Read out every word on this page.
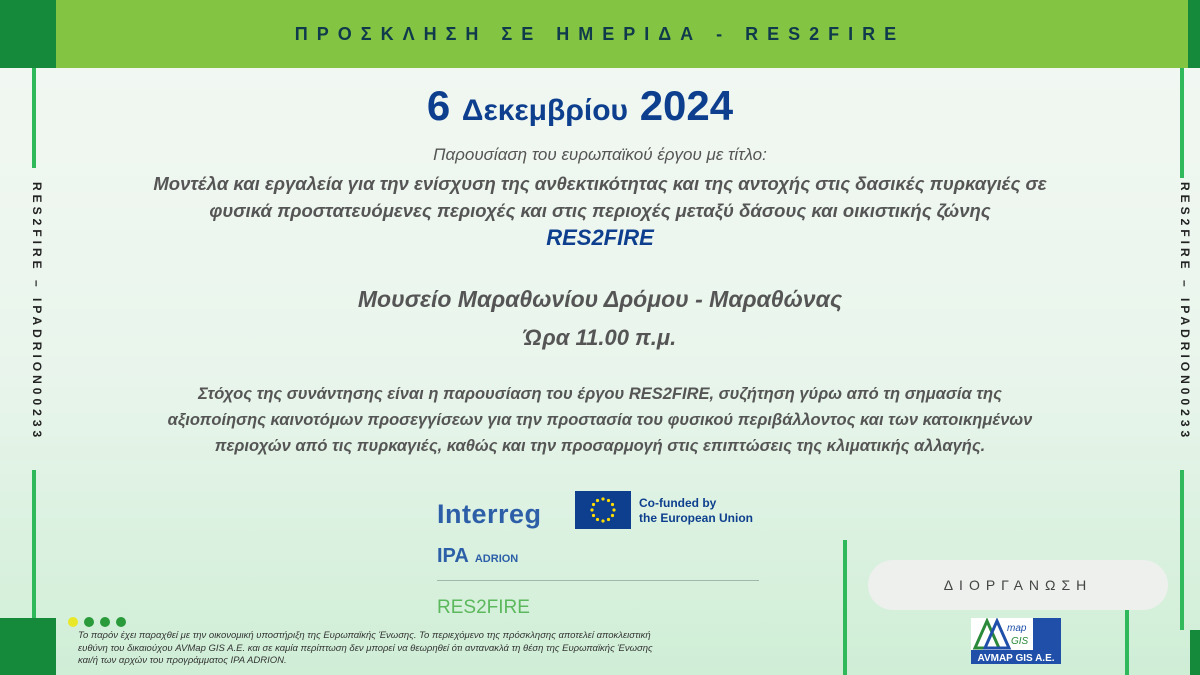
ΠΡΟΣΚΛΗΣΗ ΣΕ ΗΜΕΡΙΔΑ - RES2FIRE
RES2FIRE – IPADRION00233	RES2FIRE – IPADRION00233
6 Δεκεμβρίου 2024
Παρουσίαση του ευρωπαϊκού έργου με τίτλο:
Μοντέλα και εργαλεία για την ενίσχυση της ανθεκτικότητας και της αντοχής στις δασικές πυρκαγιές σε
φυσικά προστατευόμενες περιοχές και στις περιοχές μεταξύ δάσους και οικιστικής ζώνης
RES2FIRE
Μουσείο Μαραθωνίου Δρόμου - Μαραθώνας
Ώρα 11.00 π.μ.
Στόχος της συνάντησης είναι η παρουσίαση του έργου RES2FIRE, συζήτηση γύρω από τη σημασία της
αξιοποίησης καινοτόμων προσεγγίσεων για την προστασία του φυσικού περιβάλλοντος και των κατοικημένων
περιοχών από τις πυρκαγιές, καθώς και την προσαρμογή στις επιπτώσεις της κλιματικής αλλαγής.
Interreg	Co-funded by
the European Union
IPA ADRION
RES2FIRE
ΔΙΟΡΓΑΝΩΣΗ
map
GIS
AVMAP GIS A.E.
Το παρόν έχει παραχθεί με την οικονομική υποστήριξη της Ευρωπαϊκής Ένωσης. Το περιεχόμενο της πρόσκλησης αποτελεί αποκλειστική
ευθύνη του δικαιούχου AVMap GIS A.E. και σε καμία περίπτωση δεν μπορεί να θεωρηθεί ότι αντανακλά τη θέση της Ευρωπαϊκής Ένωσης
και/ή των αρχών του προγράμματος IPA ADRION.
